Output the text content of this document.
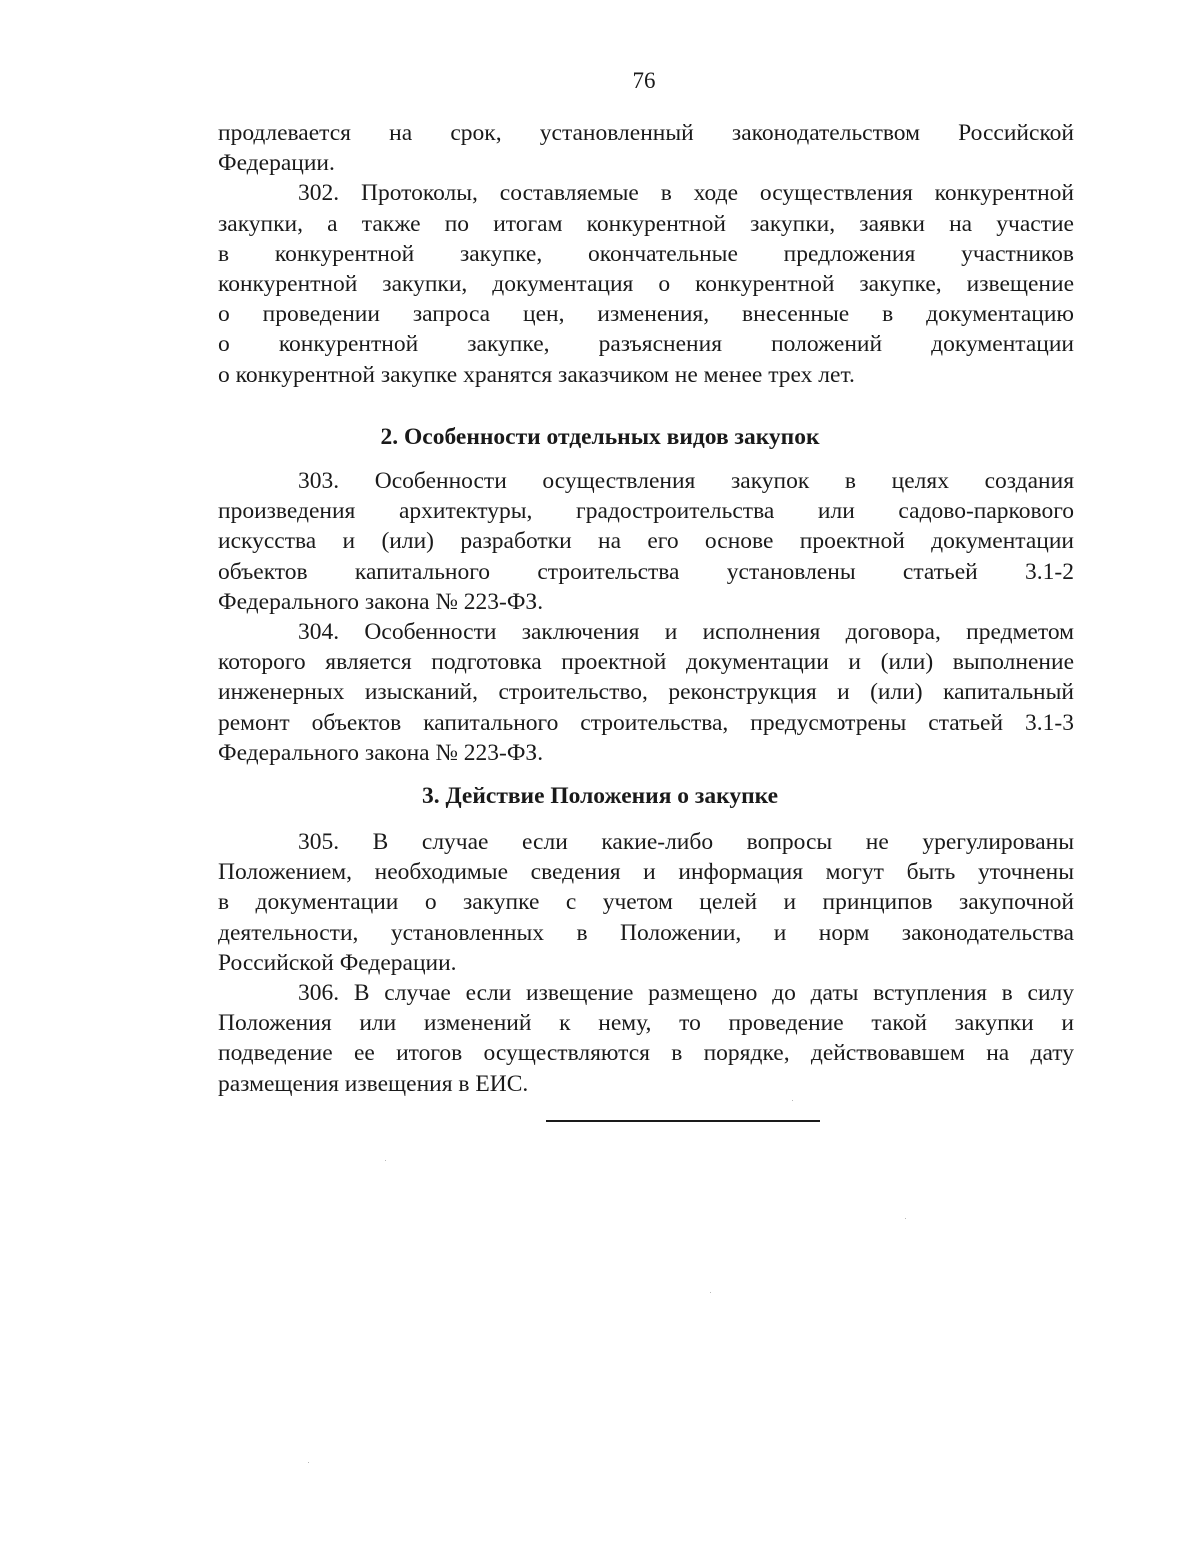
76
продлевается на срок, установленный законодательством Российской
Федерации.
302. Протоколы, составляемые в ходе осуществления конкурентной
закупки, а также по итогам конкурентной закупки, заявки на участие
в конкурентной закупке, окончательные предложения участников
конкурентной закупки, документация о конкурентной закупке, извещение
о проведении запроса цен, изменения, внесенные в документацию
о конкурентной закупке, разъяснения положений документации
о конкурентной закупке хранятся заказчиком не менее трех лет.
2. Особенности отдельных видов закупок
303. Особенности осуществления закупок в целях создания
произведения архитектуры, градостроительства или садово-паркового
искусства и (или) разработки на его основе проектной документации
объектов капитального строительства установлены статьей 3.1-2
Федерального закона № 223-ФЗ.
304. Особенности заключения и исполнения договора, предметом
которого является подготовка проектной документации и (или) выполнение
инженерных изысканий, строительство, реконструкция и (или) капитальный
ремонт объектов капитального строительства, предусмотрены статьей 3.1-3
Федерального закона № 223-ФЗ.
3. Действие Положения о закупке
305. В случае если какие-либо вопросы не урегулированы
Положением, необходимые сведения и информация могут быть уточнены
в документации о закупке с учетом целей и принципов закупочной
деятельности, установленных в Положении, и норм законодательства
Российской Федерации.
306. В случае если извещение размещено до даты вступления в силу
Положения или изменений к нему, то проведение такой закупки и
подведение ее итогов осуществляются в порядке, действовавшем на дату
размещения извещения в ЕИС.
